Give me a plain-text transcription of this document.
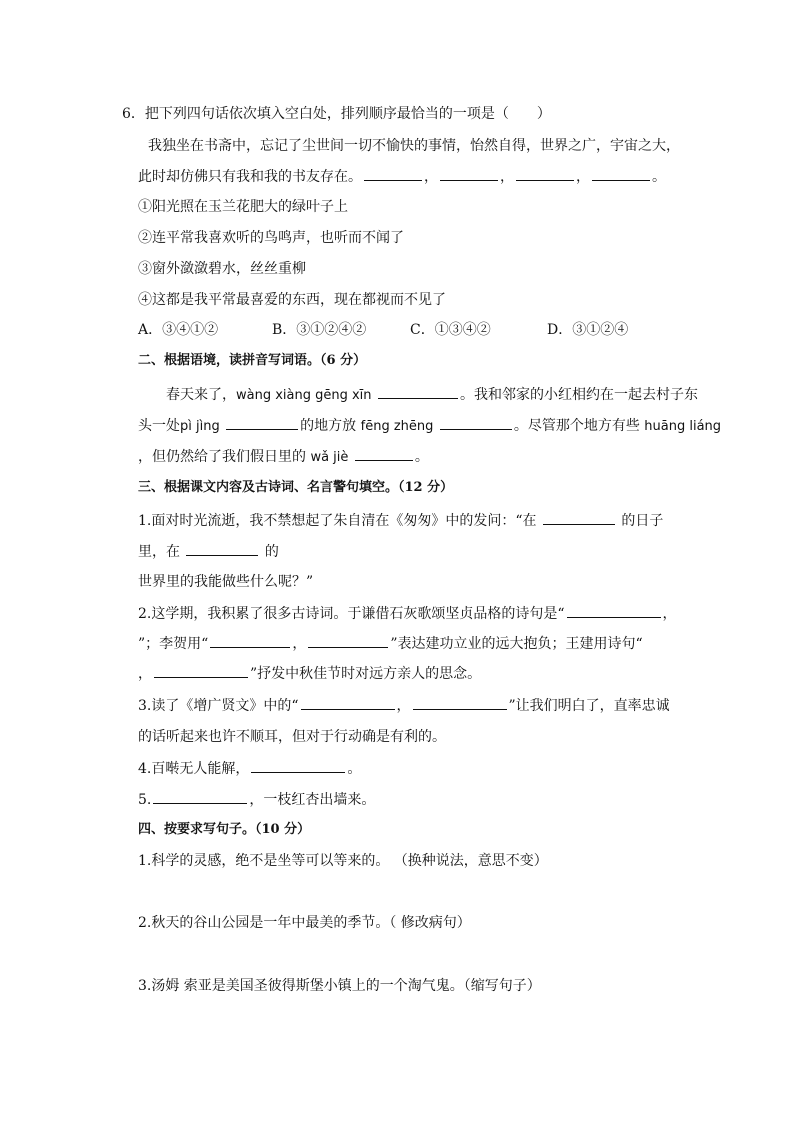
6．把下列四句话依次填入空白处，排列顺序最恰当的一项是（　　）
我独坐在书斋中，忘记了尘世间一切不愉快的事情，怡然自得，世界之广，宇宙之大，
此时却仿佛只有我和我的书友存在。	，	，	，	。
①阳光照在玉兰花肥大的绿叶子上
②连平常我喜欢听的鸟鸣声，也听而不闻了
③窗外潋潋碧水，丝丝重柳
④这都是我平常最喜爱的东西，现在都视而不见了
A．③④①②	B．③①②④②	C．①③④②	D．③①②④
二、根据语境，读拼音写词语。（6 分）
春天来了，wàng xiàng gēng xīn	。我和邻家的小红相约在一起去村子东
头一处pì jìng	的地方放 fēng zhēng	。尽管那个地方有些 huāng liáng
，但仍然给了我们假日里的 wǎ jiè	。
三、根据课文内容及古诗词、名言警句填空。（12 分）
1.面对时光流逝，我不禁想起了朱自清在《匆匆》中的发问：“在	的日子
里，在	的
世界里的我能做些什么呢？”
2.这学期，我积累了很多古诗词。于谦借石灰歌颂坚贞品格的诗句是“	，
”；李贺用“	，	”表达建功立业的远大抱负；王建用诗句“
，	”抒发中秋佳节时对远方亲人的思念。
3.读了《增广贤文》中的“	，	”让我们明白了，直率忠诚
的话听起来也许不顺耳，但对于行动确是有利的。
4.百啭无人能解，	。
5.	，一枝红杏出墙来。
四、按要求写句子。（10 分）
1.科学的灵感，绝不是坐等可以等来的。 （换种说法，意思不变）
2.秋天的谷山公园是一年中最美的季节。（ 修改病句）
3.汤姆 索亚是美国圣彼得斯堡小镇上的一个淘气鬼。（缩写句子）
